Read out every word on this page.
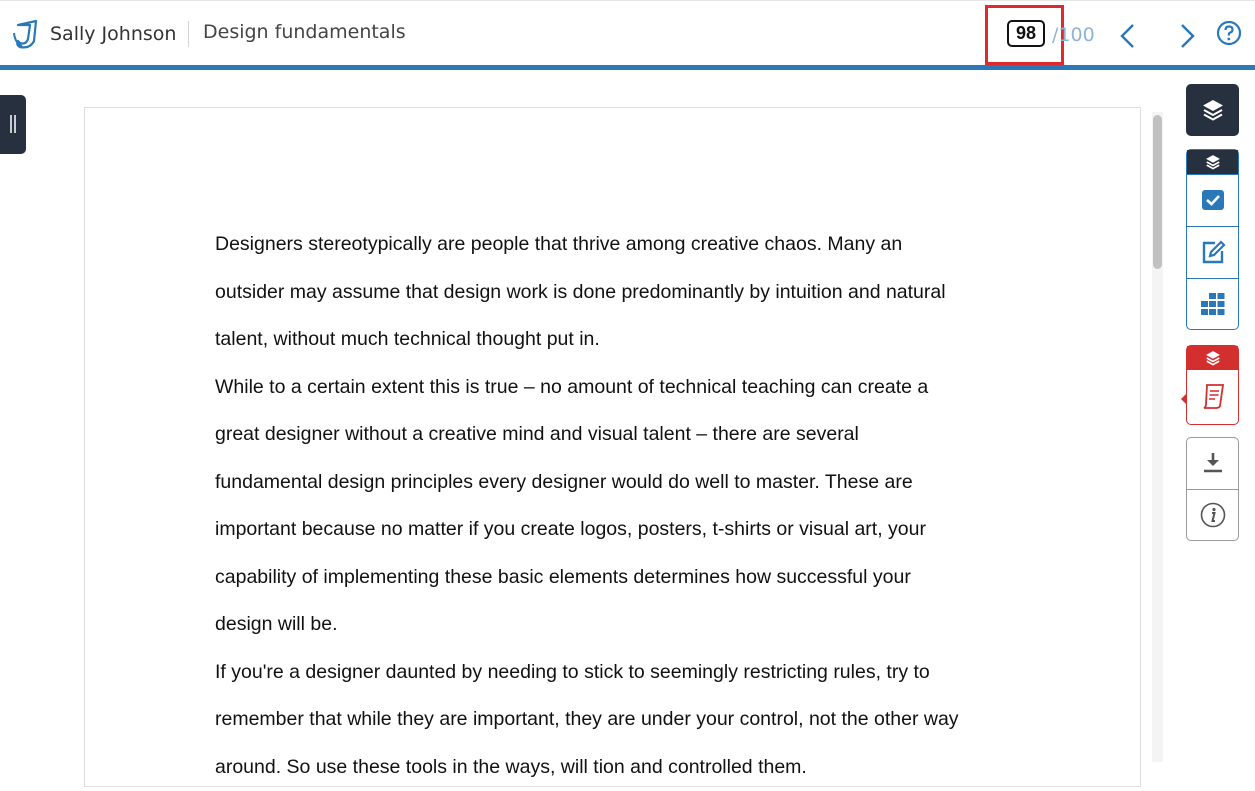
Sally Johnson Design fundamentals	98 /100
Designers stereotypically are people that thrive among creative chaos. Many an
outsider may assume that design work is done predominantly by intuition and natural
talent, without much technical thought put in.
While to a certain extent this is true – no amount of technical teaching can create a
great designer without a creative mind and visual talent – there are several
fundamental design principles every designer would do well to master. These are
important because no matter if you create logos, posters, t-shirts or visual art, your
capability of implementing these basic elements determines how successful your
design will be.
If you're a designer daunted by needing to stick to seemingly restricting rules, try to
remember that while they are important, they are under your control, not the other way
around. So use these tools in the ways, will tion and controlled them.
